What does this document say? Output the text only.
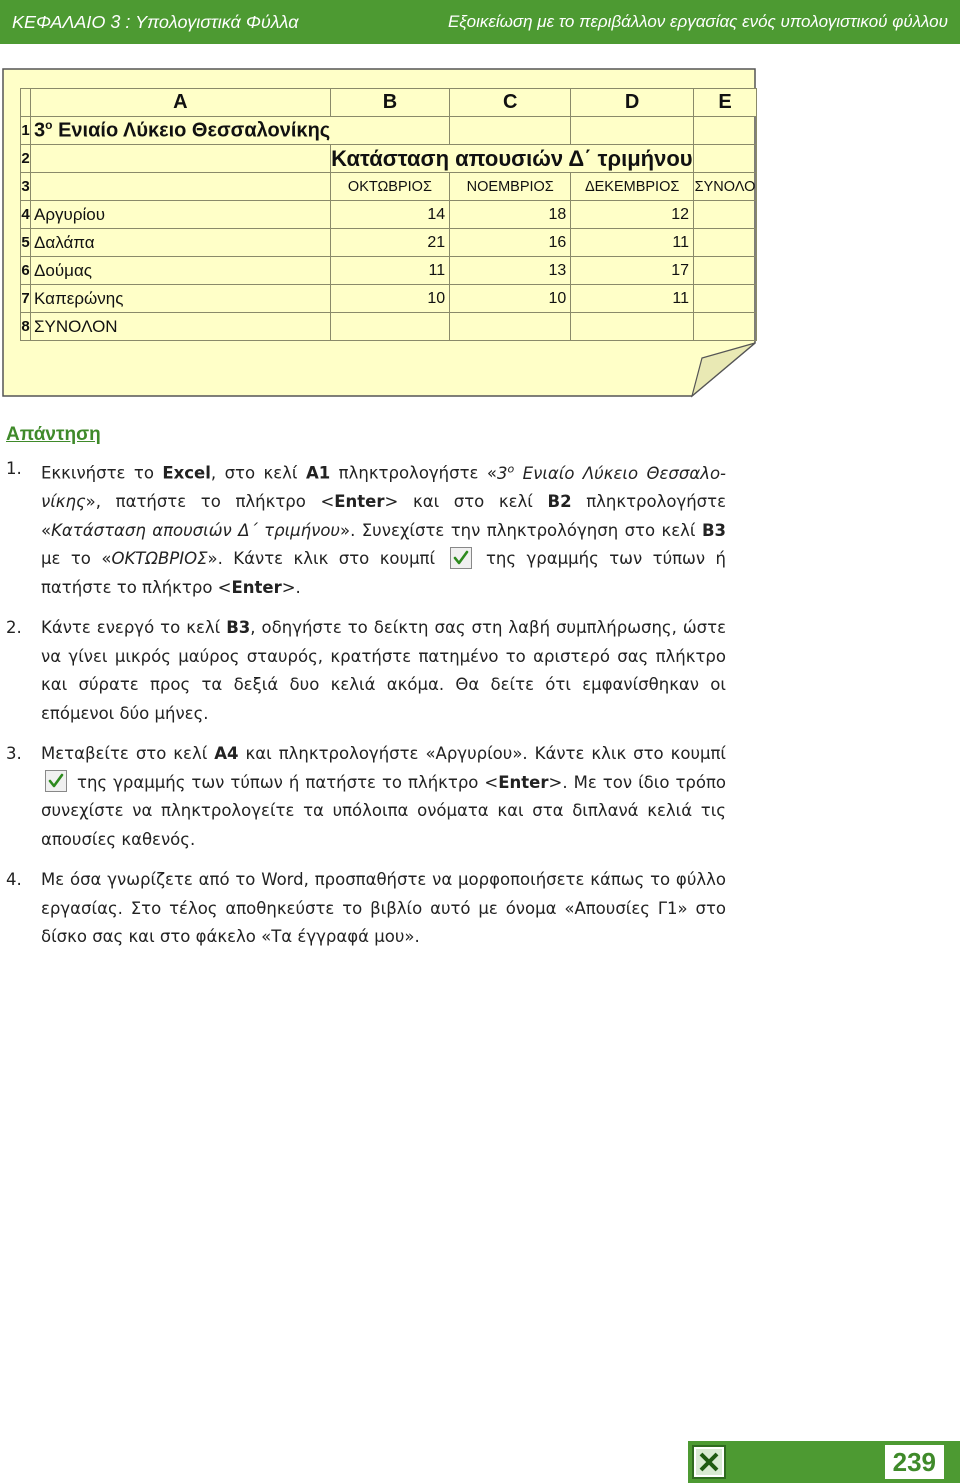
ΚΕΦΑΛΑΙΟ 3 : Υπολογιστικά Φύλλα	Εξοικείωση με το περιβάλλον εργασίας ενός υπολογιστικού φύλλου
	A	B	C	D	E
1	$3^o$ Ενιαίο Λύκειο Θεσσαλονίκης				

2		Κατάσταση απουσιών Δ΄ τριμήνου			
3		ΟΚΤΩΒΡΙΟΣ	ΝΟΕΜΒΡΙΟΣ	ΔΕΚΕΜΒΡΙΟΣ	ΣΥΝΟΛΟ
4	Αργυρίου	14	18	12	
5	Δαλάπα	21	16	11	
6	Δούμας	11	13	17	
7	Καπερώνης	10	10	11	
8	ΣΥΝΟΛΟΝ				
Απάντηση
1.	Εκκινήστε το Excel, στο κελί A1 πληκτρολογήστε «$3^o$ Ενιαίο Λύκειο Θεσσαλο-νίκης», πατήστε το πλήκτρο <Enter> και στο κελί B2 πληκτρολογήστε «Κατάσταση απουσιών Δ΄ τριμήνου». Συνεχίστε την πληκτρολόγηση στο κελί B3 με το «ΟΚΤΩΒΡΙΟΣ». Κάντε κλικ στο κουμπί  της γραμμής των τύπων ή πατήστε το πλήκτρο <Enter>.
2.	Κάντε ενεργό το κελί B3, οδηγήστε το δείκτη σας στη λαβή συμπλήρωσης, ώστε να γίνει μικρός μαύρος σταυρός, κρατήστε πατημένο το αριστερό σας πλήκτρο και σύρατε προς τα δεξιά δυο κελιά ακόμα. Θα δείτε ότι εμφανίσθηκαν οι επόμενοι δύο μήνες.
3.	Μεταβείτε στο κελί A4 και πληκτρολογήστε «Αργυρίου». Κάντε κλικ στο κουμπί  της γραμμής των τύπων ή πατήστε το πλήκτρο <Enter>. Με τον ίδιο τρόπο συνεχίστε να πληκτρολογείτε τα υπόλοιπα ονόματα και στα διπλανά κελιά τις απουσίες καθενός.
4.	Με όσα γνωρίζετε από το Word, προσπαθήστε να μορφοποιήσετε κάπως το φύλλο εργασίας. Στο τέλος αποθηκεύστε το βιβλίο αυτό με όνομα «Απουσίες Γ1» στο δίσκο σας και στο φάκελο «Τα έγγραφά μου».
239
